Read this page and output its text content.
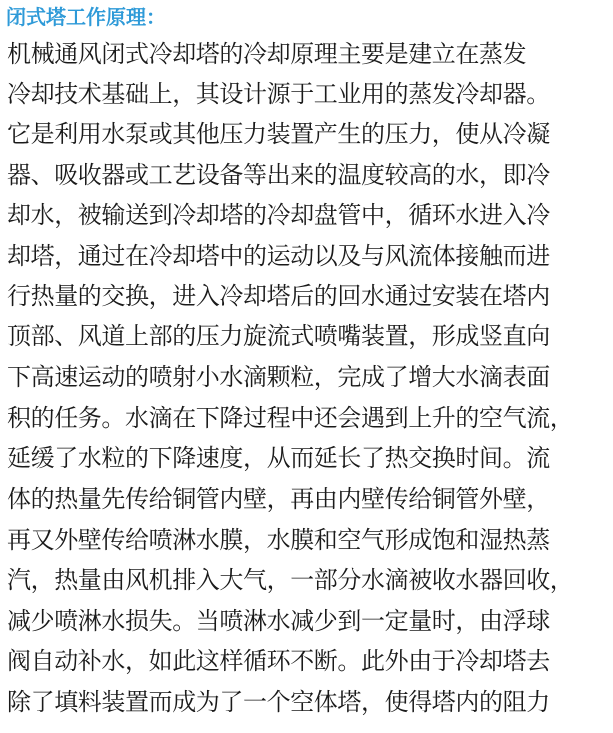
闭式塔工作原理：
机械通风闭式冷却塔的冷却原理主要是建立在蒸发
冷却技术基础上，其设计源于工业用的蒸发冷却器。
它是利用水泵或其他压力装置产生的压力，使从冷凝
器、吸收器或工艺设备等出来的温度较高的水，即冷
却水，被输送到冷却塔的冷却盘管中，循环水进入冷
却塔，通过在冷却塔中的运动以及与风流体接触而进
行热量的交换，进入冷却塔后的回水通过安装在塔内
顶部、风道上部的压力旋流式喷嘴装置，形成竖直向
下高速运动的喷射小水滴颗粒，完成了增大水滴表面
积的任务。水滴在下降过程中还会遇到上升的空气流，
延缓了水粒的下降速度，从而延长了热交换时间。流
体的热量先传给铜管内壁，再由内壁传给铜管外壁，
再又外壁传给喷淋水膜，水膜和空气形成饱和湿热蒸
汽，热量由风机排入大气，一部分水滴被收水器回收，
减少喷淋水损失。当喷淋水减少到一定量时，由浮球
阀自动补水，如此这样循环不断。此外由于冷却塔去
除了填料装置而成为了一个空体塔，使得塔内的阻力
